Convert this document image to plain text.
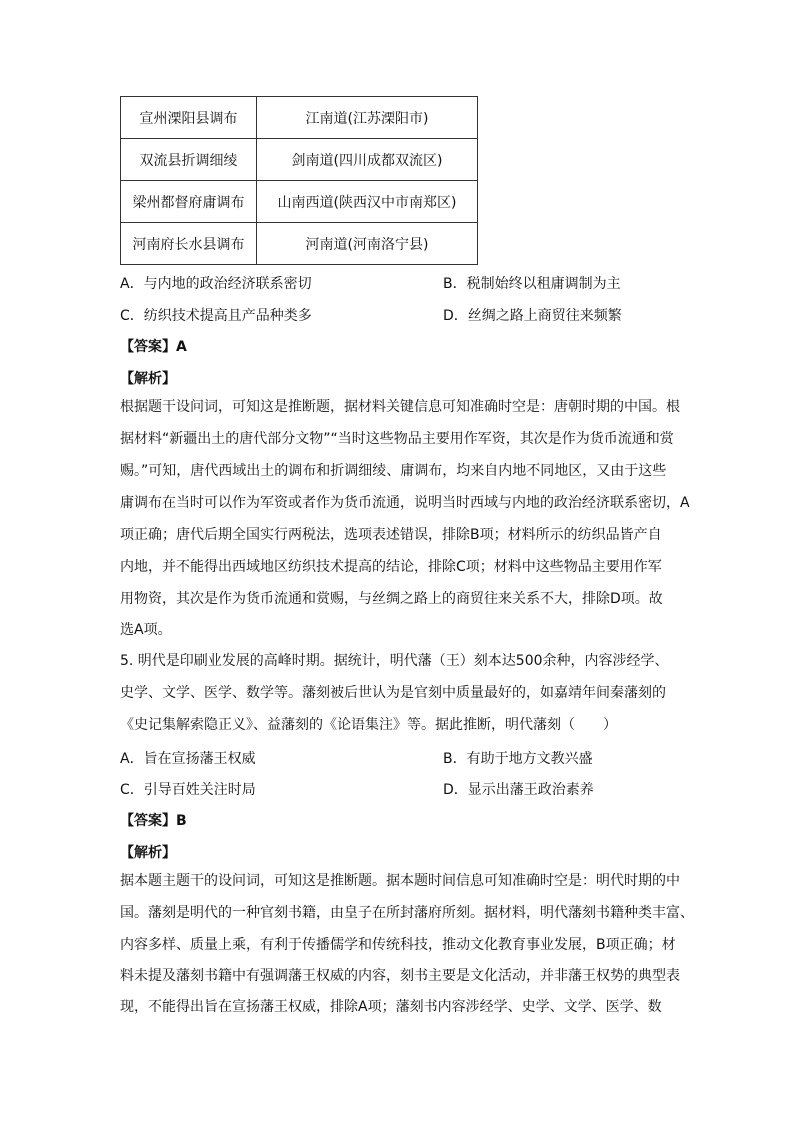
宣州溧阳县调布	江南道(江苏溧阳市)
双流县折调细绫	剑南道(四川成都双流区)
梁州都督府庸调布	山南西道(陕西汉中市南郑区)
河南府长水县调布	河南道(河南洛宁县)
A．与内地的政治经济联系密切	B．税制始终以租庸调制为主
C．纺织技术提高且产品种类多	D．丝绸之路上商贸往来频繁
【答案】A
【解析】
根据题干设问词，可知这是推断题，据材料关键信息可知准确时空是：唐朝时期的中国。根
据材料“新疆出土的唐代部分文物”“当时这些物品主要用作军资，其次是作为货币流通和赏
赐。”可知，唐代西域出土的调布和折调细绫、庸调布，均来自内地不同地区，又由于这些
庸调布在当时可以作为军资或者作为货币流通，说明当时西域与内地的政治经济联系密切，A
项正确；唐代后期全国实行两税法，选项表述错误，排除B项；材料所示的纺织品皆产自
内地，并不能得出西域地区纺织技术提高的结论，排除C项；材料中这些物品主要用作军
用物资，其次是作为货币流通和赏赐，与丝绸之路上的商贸往来关系不大，排除D项。故
选A项。
5. 明代是印刷业发展的高峰时期。据统计，明代藩（王）刻本达500余种，内容涉经学、
史学、文学、医学、数学等。藩刻被后世认为是官刻中质量最好的，如嘉靖年间秦藩刻的
《史记集解索隐正义》、益藩刻的《论语集注》等。据此推断，明代藩刻（　　）
A．旨在宣扬藩王权威	B．有助于地方文教兴盛
C．引导百姓关注时局	D．显示出藩王政治素养
【答案】B
【解析】
据本题主题干的设问词，可知这是推断题。据本题时间信息可知准确时空是：明代时期的中
国。藩刻是明代的一种官刻书籍，由皇子在所封藩府所刻。据材料，明代藩刻书籍种类丰富、
内容多样、质量上乘，有利于传播儒学和传统科技，推动文化教育事业发展，B项正确；材
料未提及藩刻书籍中有强调藩王权威的内容，刻书主要是文化活动，并非藩王权势的典型表
现，不能得出旨在宣扬藩王权威，排除A项；藩刻书内容涉经学、史学、文学、医学、数
